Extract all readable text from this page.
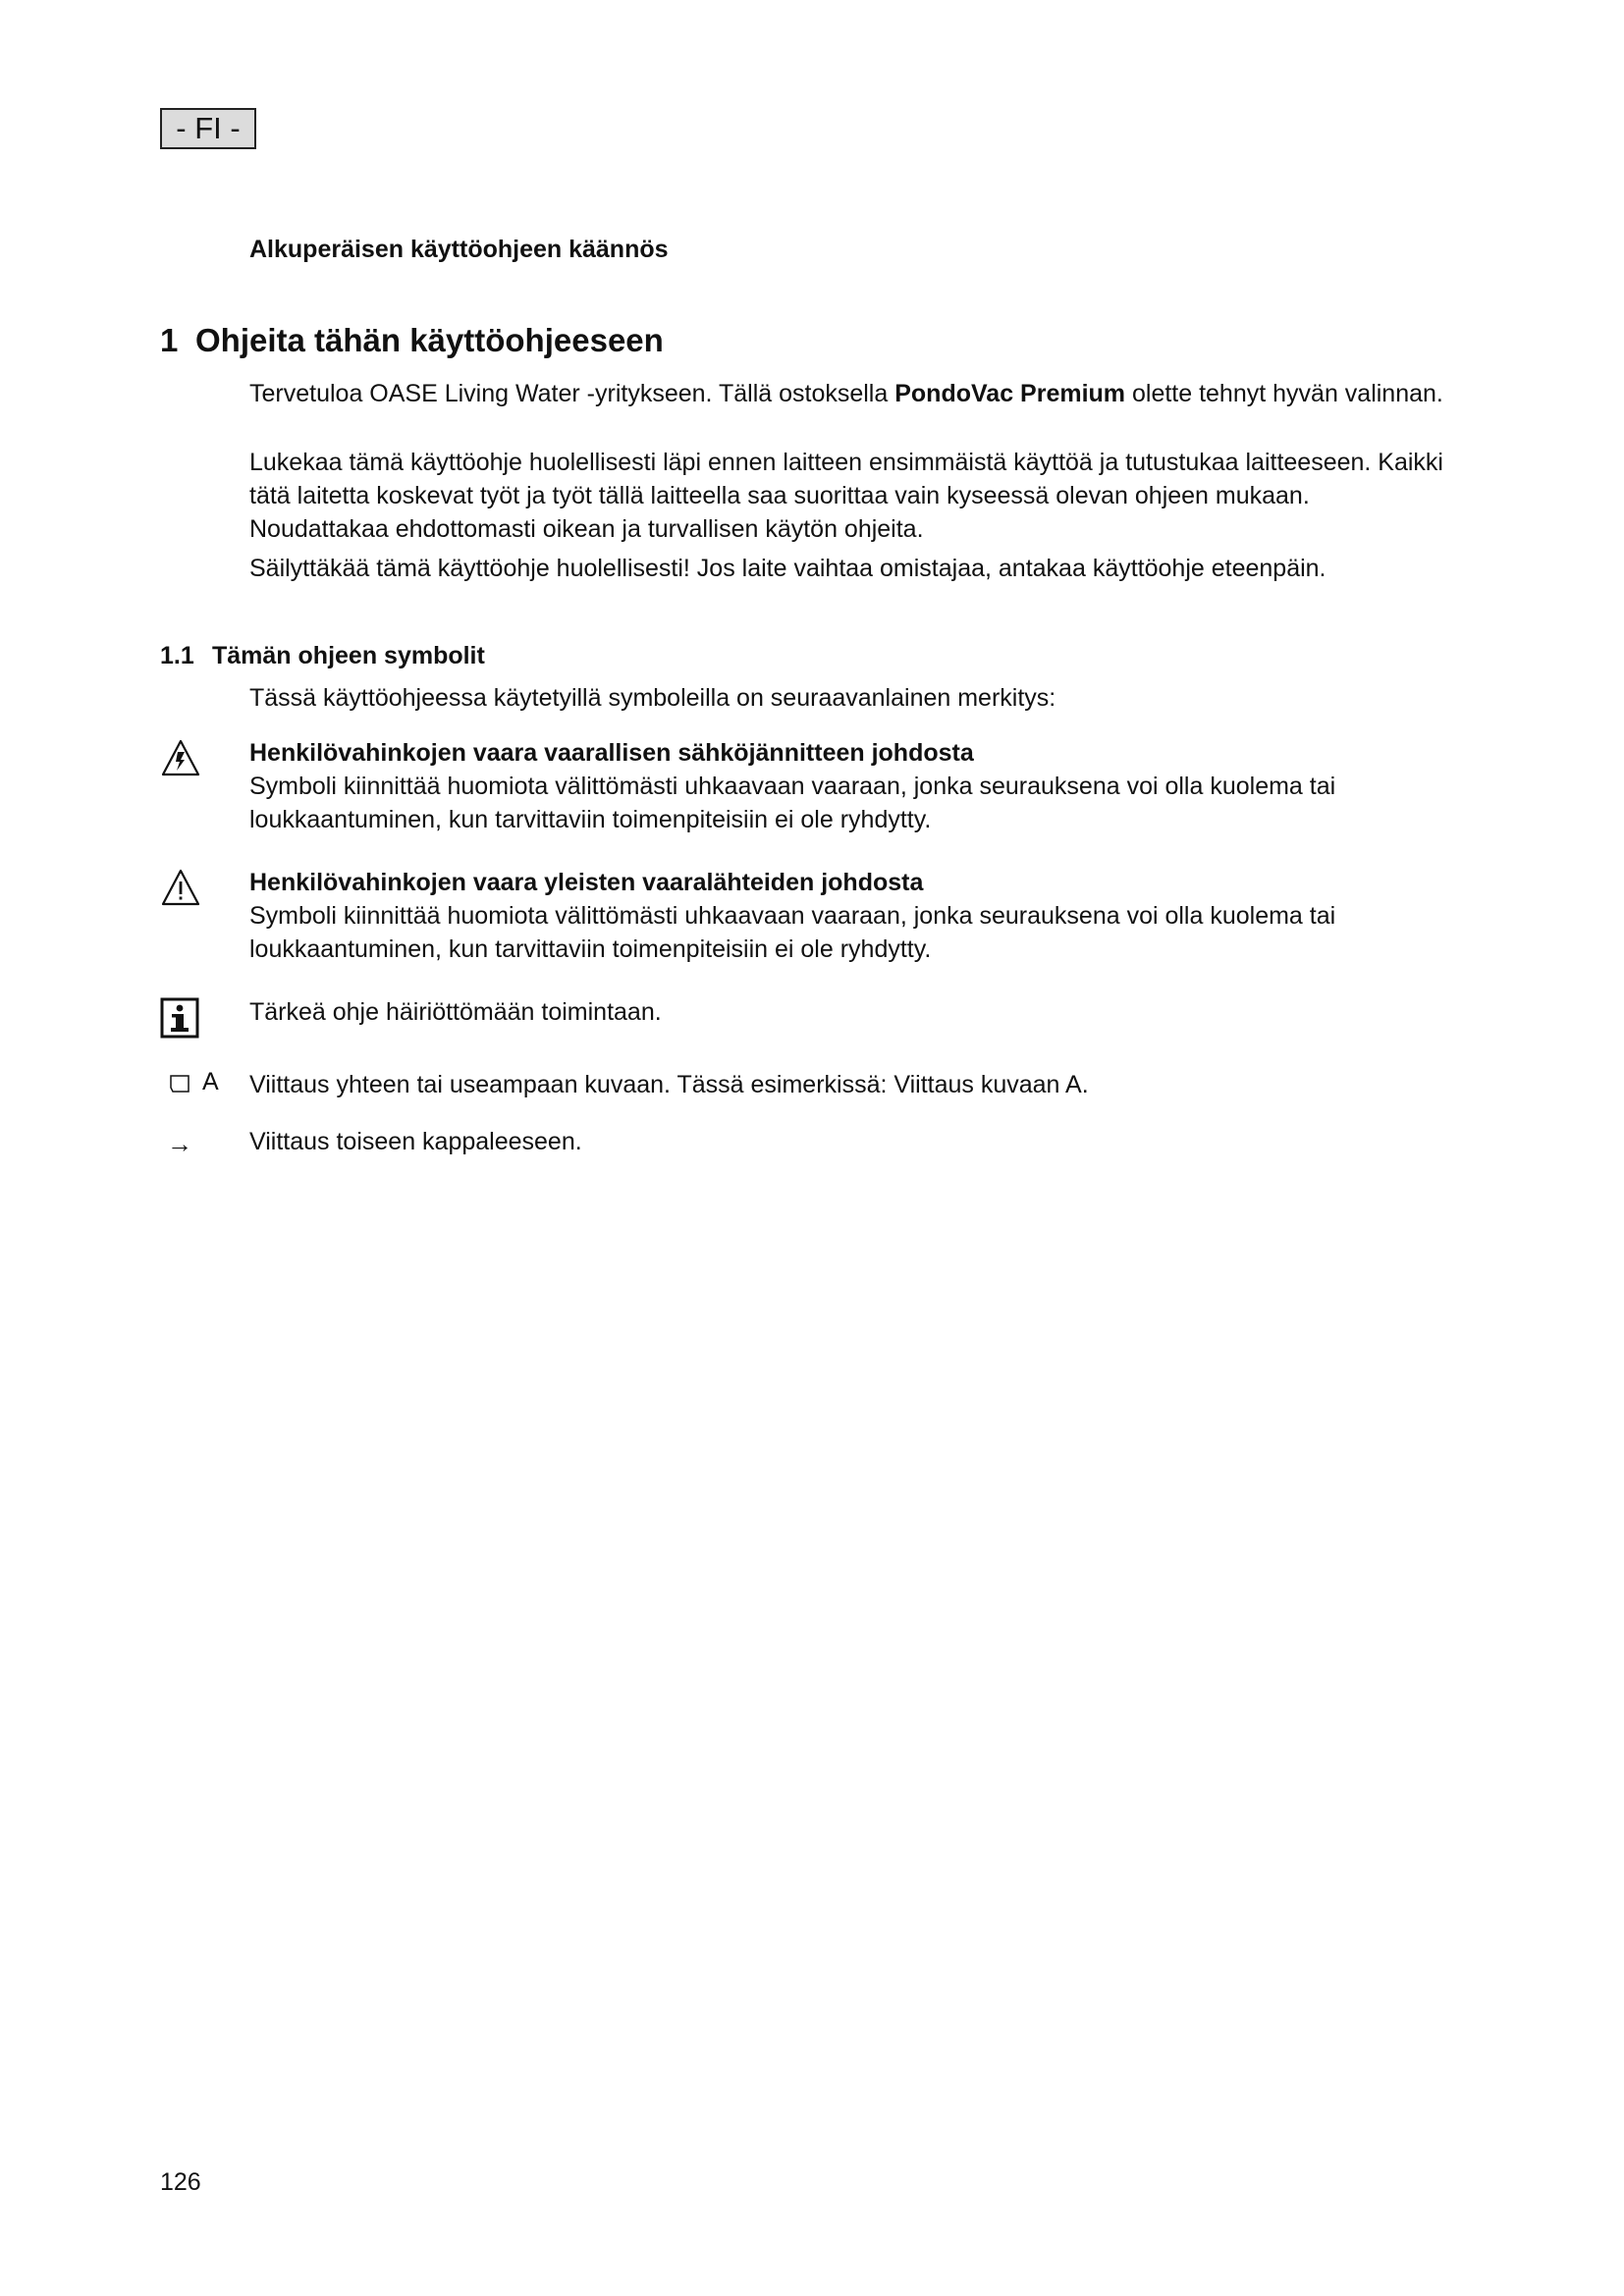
- FI -
Alkuperäisen käyttöohjeen käännös
1 Ohjeita tähän käyttöohjeeseen
Tervetuloa OASE Living Water -yritykseen. Tällä ostoksella PondoVac Premium olette tehnyt hyvän valinnan.
Lukekaa tämä käyttöohje huolellisesti läpi ennen laitteen ensimmäistä käyttöä ja tutustukaa laitteeseen. Kaikki tätä laitetta koskevat työt ja työt tällä laitteella saa suorittaa vain kyseessä olevan ohjeen mukaan.
Noudattakaa ehdottomasti oikean ja turvallisen käytön ohjeita.
Säilyttäkää tämä käyttöohje huolellisesti! Jos laite vaihtaa omistajaa, antakaa käyttöohje eteenpäin.
1.1 Tämän ohjeen symbolit
Tässä käyttöohjeessa käytetyillä symboleilla on seuraavanlainen merkitys:
Henkilövahinkojen vaara vaarallisen sähköjännitteen johdosta
Symboli kiinnittää huomiota välittömästi uhkaavaan vaaraan, jonka seurauksena voi olla kuolema tai loukkaantuminen, kun tarvittaviin toimenpiteisiin ei ole ryhdytty.
Henkilövahinkojen vaara yleisten vaaralähteiden johdosta
Symboli kiinnittää huomiota välittömästi uhkaavaan vaaraan, jonka seurauksena voi olla kuolema tai loukkaantuminen, kun tarvittaviin toimenpiteisiin ei ole ryhdytty.
Tärkeä ohje häiriöttömään toimintaan.
A Viittaus yhteen tai useampaan kuvaan. Tässä esimerkissä: Viittaus kuvaan A.
→ Viittaus toiseen kappaleeseen.
126
